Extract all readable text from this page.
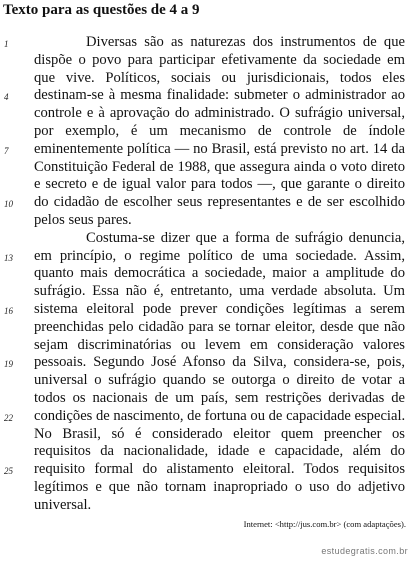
Texto para as questões de 4 a 9
1	Diversas são as naturezas dos instrumentos de que
dispõe o povo para participar efetivamente da sociedade em
que vive. Políticos, sociais ou jurisdicionais, todos eles
4	destinam-se à mesma finalidade: submeter o administrador ao
controle e à aprovação do administrado. O sufrágio universal,
por exemplo, é um mecanismo de controle de índole
7	eminentemente política — no Brasil, está previsto no art. 14 da
Constituição Federal de 1988, que assegura ainda o voto direto
e secreto e de igual valor para todos —, que garante o direito
10	do cidadão de escolher seus representantes e de ser escolhido
pelos seus pares.
Costuma-se dizer que a forma de sufrágio denuncia,
13	em princípio, o regime político de uma sociedade. Assim,
quanto mais democrática a sociedade, maior a amplitude do
sufrágio. Essa não é, entretanto, uma verdade absoluta. Um
16	sistema eleitoral pode prever condições legítimas a serem
preenchidas pelo cidadão para se tornar eleitor, desde que não
sejam discriminatórias ou levem em consideração valores
19	pessoais. Segundo José Afonso da Silva, considera-se, pois,
universal o sufrágio quando se outorga o direito de votar a
todos os nacionais de um país, sem restrições derivadas de
22	condições de nascimento, de fortuna ou de capacidade especial.
No Brasil, só é considerado eleitor quem preencher os
requisitos da nacionalidade, idade e capacidade, além do
25	requisito formal do alistamento eleitoral. Todos requisitos
legítimos e que não tornam inapropriado o uso do adjetivo
universal.
Internet: <http://jus.com.br> (com adaptações).
estudegratis.com.br
